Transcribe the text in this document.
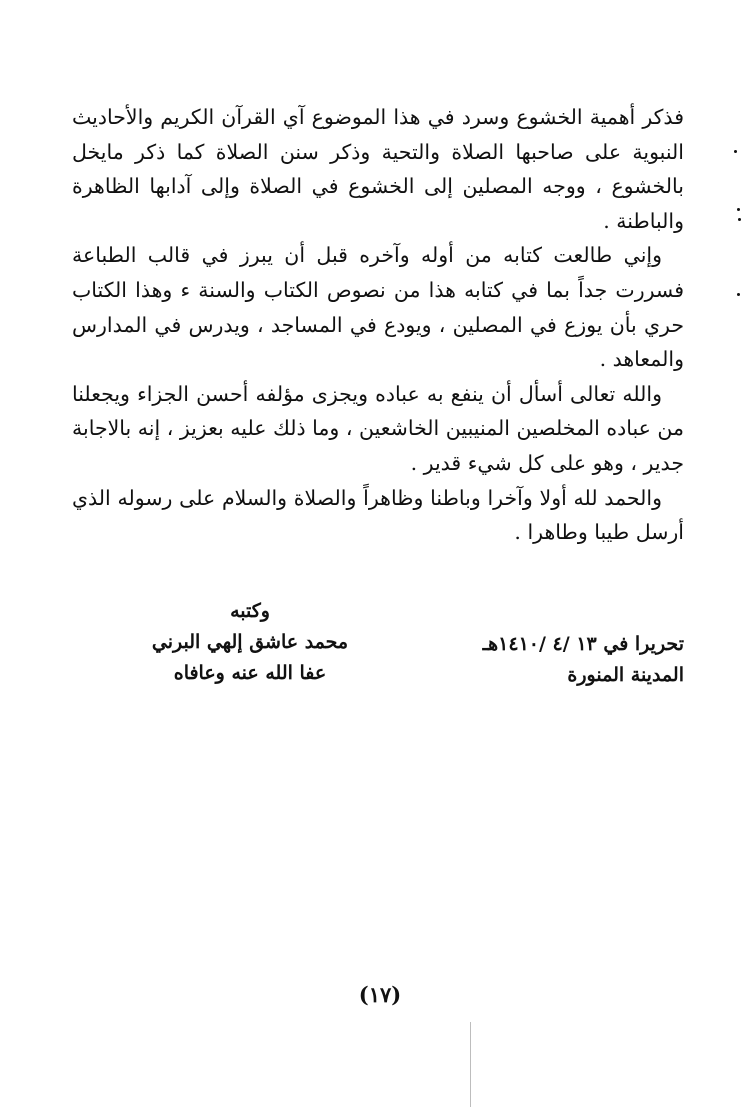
فذكر أهمية الخشوع وسرد في هذا الموضوع آي القرآن الكريم والأحاديث النبوية على صاحبها الصلاة والتحية وذكر سنن الصلاة كما ذكر مايخل بالخشوع ، ووجه المصلين إلى الخشوع في الصلاة وإلى آدابها الظاهرة والباطنة .

وإني طالعت كتابه من أوله وآخره قبل أن يبرز في قالب الطباعة فسررت جداً بما في كتابه هذا من نصوص الكتاب والسنة ء وهذا الكتاب حري بأن يوزع في المصلين ، ويودع في المساجد ، ويدرس في المدارس والمعاهد .

والله تعالى أسأل أن ينفع به عباده ويجزى مؤلفه أحسن الجزاء ويجعلنا من عباده المخلصين المنيبين الخاشعين ، وما ذلك عليه بعزيز ، إنه بالاجابة جدير ، وهو على كل شيء قدير .

والحمد لله أولا وآخرا وباطنا وظاهراً والصلاة والسلام على رسوله الذي أرسل طيبا وطاهرا .

وكتبه
محمد عاشق إلهي البرني
عفا الله عنه وعافاه
تحريرا في ١٣ /٤ /١٤١٠هـ
المدينة المنورة
(١٧)
